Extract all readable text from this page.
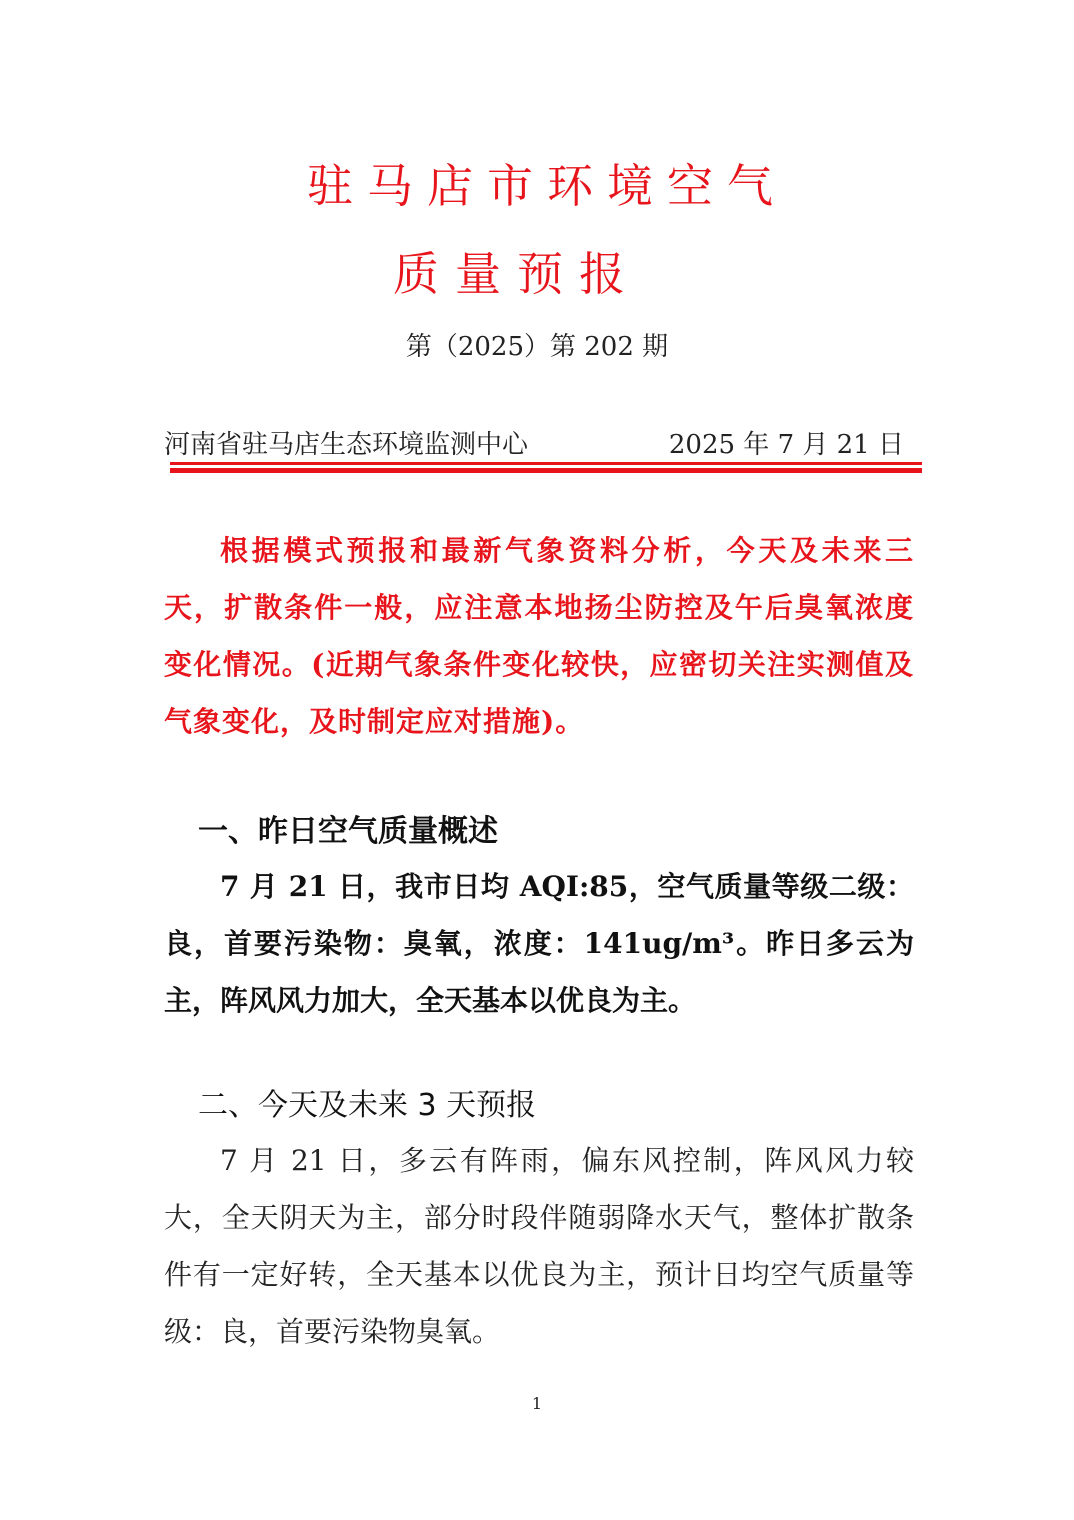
驻马店市环境空气
质量预报
第（2025）第 202 期
河南省驻马店生态环境监测中心	2025 年 7 月 21 日
根据模式预报和最新气象资料分析，今天及未来三天，扩散条件一般，应注意本地扬尘防控及午后臭氧浓度变化情况。(近期气象条件变化较快，应密切关注实测值及气象变化，及时制定应对措施)。
一、昨日空气质量概述
7 月 21 日，我市日均 AQI:85，空气质量等级二级：良，首要污染物：臭氧，浓度：141ug/m³。昨日多云为主，阵风风力加大，全天基本以优良为主。
二、今天及未来 3 天预报
7 月 21 日，多云有阵雨，偏东风控制，阵风风力较大，全天阴天为主，部分时段伴随弱降水天气，整体扩散条件有一定好转，全天基本以优良为主，预计日均空气质量等级：良，首要污染物臭氧。
1
